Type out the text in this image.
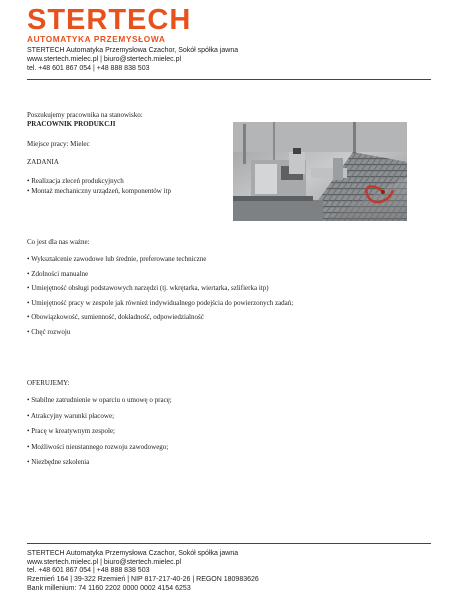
STERTECH
AUTOMATYKA PRZEMYSŁOWA
STERTECH Automatyka Przemysłowa Czachor, Sokół spółka jawna
www.stertech.mielec.pl | biuro@stertech.mielec.pl
tel. +48 601 867 054 | +48 888 838 503
Poszukujemy pracownika na stanowisko:
PRACOWNIK PRODUKCJI
Miejsce pracy: Mielec
ZADANIA
• Realizacja zleceń produkcyjnych
• Montaż mechaniczny urządzeń, komponentów itp
Co jest dla nas ważne:
• Wykształcenie zawodowe lub średnie, preferowane techniczne
• Zdolności manualne
• Umiejętność obsługi podstawowych narzędzi (tj. wkrętarka, wiertarka, szlifierka itp)
• Umiejętność pracy w zespole jak również indywidualnego podejścia do powierzonych zadań;
• Obowiązkowość, sumienność, dokładność, odpowiedzialność
• Chęć rozwoju
OFERUJEMY:
• Stabilne zatrudnienie w oparciu o umowę o pracę;
• Atrakcyjny warunki płacowe;
• Pracę w kreatywnym zespole;
• Możliwości nieustannego rozwoju zawodowego;
• Niezbędne szkolenia
STERTECH Automatyka Przemysłowa Czachor, Sokół spółka jawna
www.stertech.mielec.pl | biuro@stertech.mielec.pl
tel. +48 601 867 054 | +48 888 838 503
Rzemień 164 | 39-322 Rzemień | NIP 817-217-40-26 | REGON 180983626
Bank millenium: 74 1160 2202 0000 0002 4154 6253
